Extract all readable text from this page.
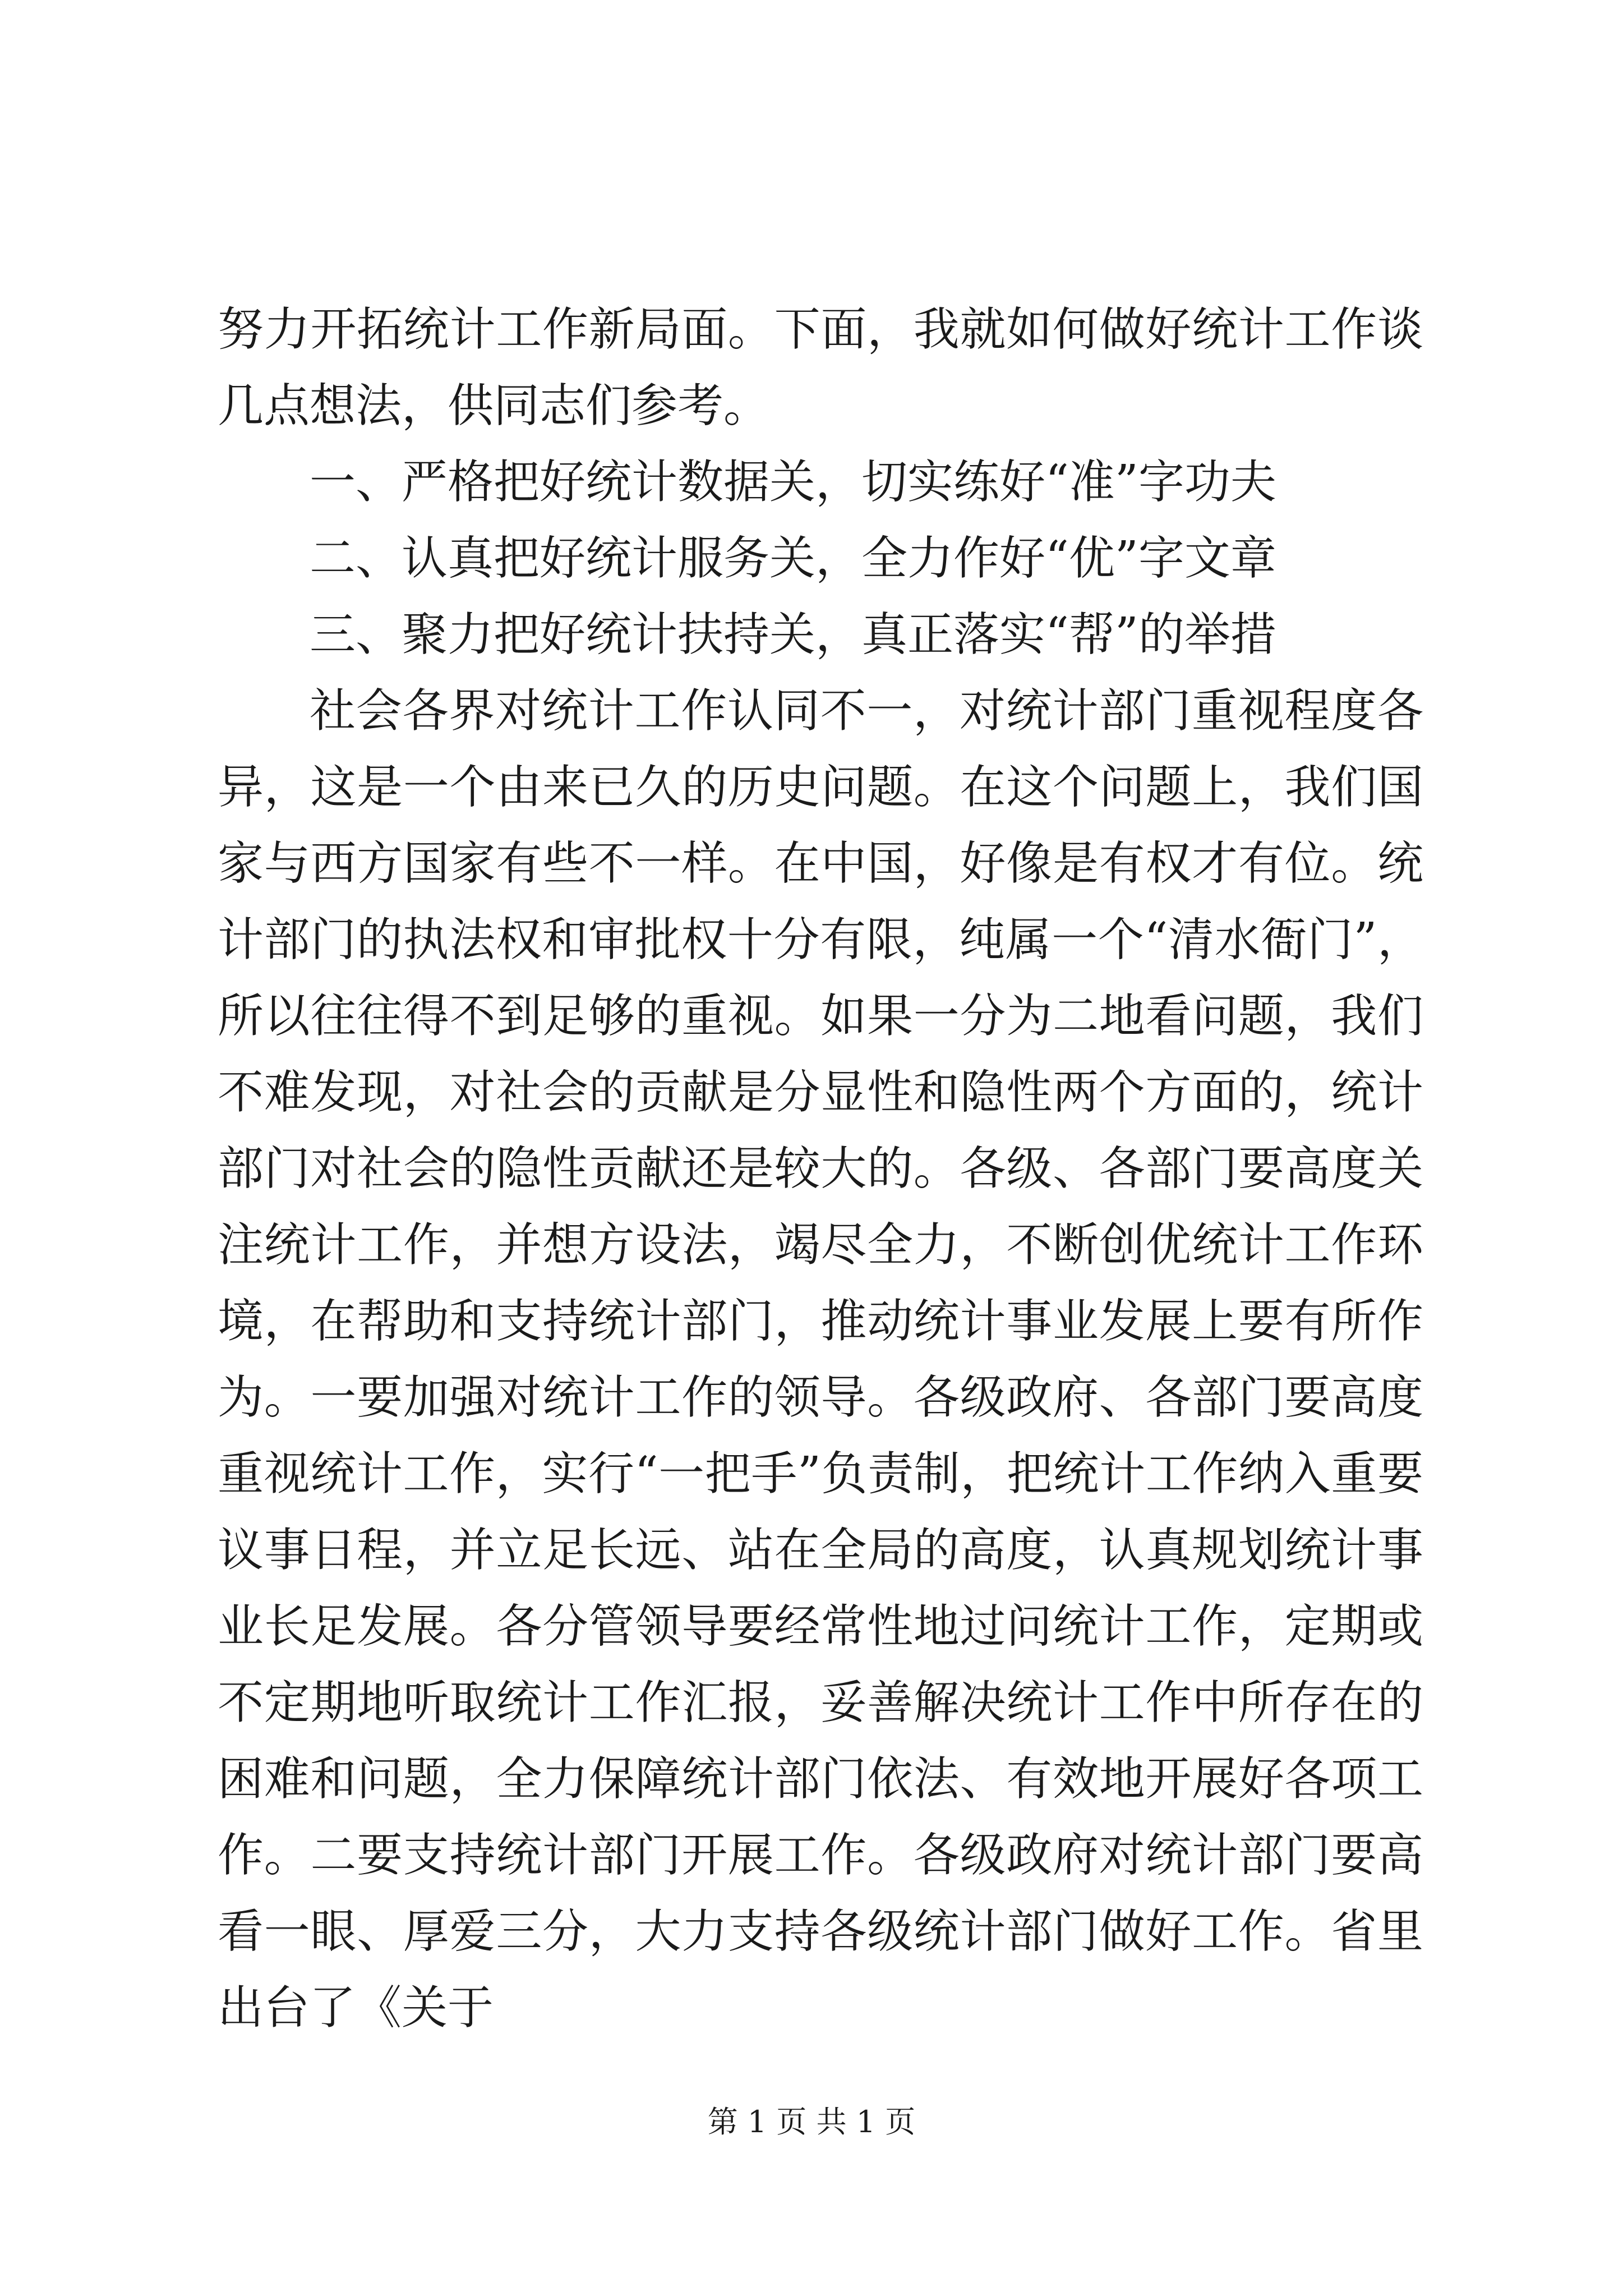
努力开拓统计工作新局面。下面，我就如何做好统计工作谈几点想法，供同志们参考。

一、严格把好统计数据关，切实练好“准”字功夫

二、认真把好统计服务关，全力作好“优”字文章

三、聚力把好统计扶持关，真正落实“帮”的举措

社会各界对统计工作认同不一，对统计部门重视程度各异，这是一个由来已久的历史问题。在这个问题上，我们国家与西方国家有些不一样。在中国，好像是有权才有位。统计部门的执法权和审批权十分有限，纯属一个“清水衙门”，所以往往得不到足够的重视。如果一分为二地看问题，我们不难发现，对社会的贡献是分显性和隐性两个方面的，统计部门对社会的隐性贡献还是较大的。各级、各部门要高度关注统计工作，并想方设法，竭尽全力，不断创优统计工作环境，在帮助和支持统计部门，推动统计事业发展上要有所作为。一要加强对统计工作的领导。各级政府、各部门要高度重视统计工作，实行“一把手”负责制，把统计工作纳入重要议事日程，并立足长远、站在全局的高度，认真规划统计事业长足发展。各分管领导要经常性地过问统计工作，定期或不定期地听取统计工作汇报，妥善解决统计工作中所存在的困难和问题，全力保障统计部门依法、有效地开展好各项工作。二要支持统计部门开展工作。各级政府对统计部门要高看一眼、厚爱三分，大力支持各级统计部门做好工作。省里出台了《关于

第 1 页 共 1 页
